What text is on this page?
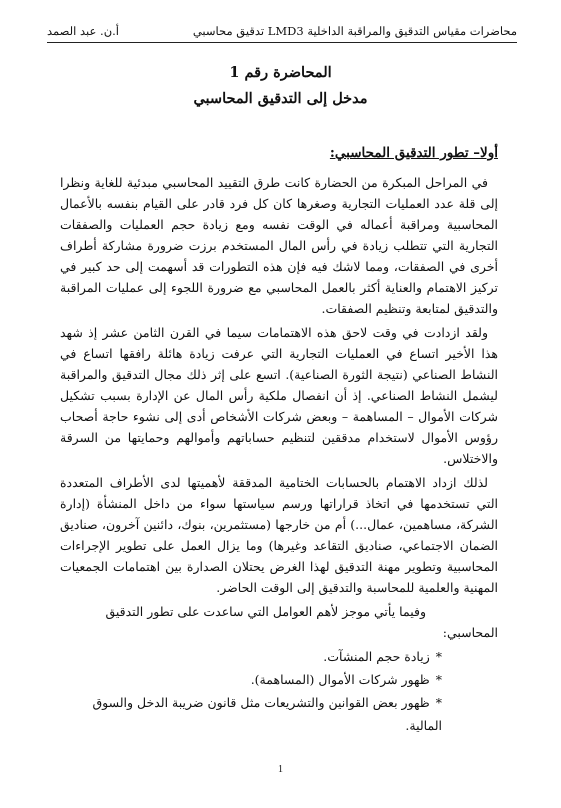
محاضرات مقياس التدقيق والمراقبة الداخلية LMD3 تدقيق محاسبي
أ.ن. عبد الصمد
المحاضرة رقم 1
مدخل إلى التدقيق المحاسبي
أولا– تطور التدقيق المحاسبي:

في المراحل المبكرة من الحضارة كانت طرق التقييد المحاسبي مبدئية للغاية ونظرا إلى قلة عدد العمليات التجارية وصغرها كان كل فرد قادر على القيام بنفسه بالأعمال المحاسبية ومراقبة أعماله في الوقت نفسه ومع زيادة حجم العمليات والصفقات التجارية التي تتطلب زيادة في رأس المال المستخدم برزت ضرورة مشاركة أطراف أخرى في الصفقات، ومما لاشك فيه فإن هذه التطورات قد أسهمت إلى حد كبير في تركيز الاهتمام والعناية أكثر بالعمل المحاسبي مع ضرورة اللجوء إلى عمليات المراقبة والتدقيق لمتابعة وتنظيم الصفقات.

ولقد ازدادت في وقت لاحق هذه الاهتمامات سيما في القرن الثامن عشر إذ شهد هذا الأخير اتساع في العمليات التجارية التي عرفت زيادة هائلة رافقها اتساع في النشاط الصناعي (نتيجة الثورة الصناعية). اتسع على إثر ذلك مجال التدقيق والمراقبة ليشمل النشاط الصناعي. إذ أن انفصال ملكية رأس المال عن الإدارة بسبب تشكيل شركات الأموال – المساهمة – وبعض شركات الأشخاص أدى إلى نشوء حاجة أصحاب رؤوس الأموال لاستخدام مدققين لتنظيم حساباتهم وأموالهم وحمايتها من السرقة والاختلاس.

لذلك ازداد الاهتمام بالحسابات الختامية المدققة لأهميتها لدى الأطراف المتعددة التي تستخدمها في اتخاذ قراراتها ورسم سياستها سواء من داخل المنشأة (إدارة الشركة، مساهمين، عمال...) أم من خارجها (مستثمرين، بنوك، دائنين آخرون، صناديق الضمان الاجتماعي، صناديق التقاعد وغيرها) وما يزال العمل على تطوير الإجراءات المحاسبية وتطوير مهنة التدقيق لهذا الغرض يحتلان الصدارة بين اهتمامات الجمعيات المهنية والعلمية للمحاسبة والتدقيق إلى الوقت الحاضر.

وفيما يأتي موجز لأهم العوامل التي ساعدت على تطور التدقيق المحاسبي:

*زيادة حجم المنشآت.
*ظهور شركات الأموال (المساهمة).
*ظهور بعض القوانين والتشريعات مثل قانون ضريبة الدخل والسوق المالية.
1
